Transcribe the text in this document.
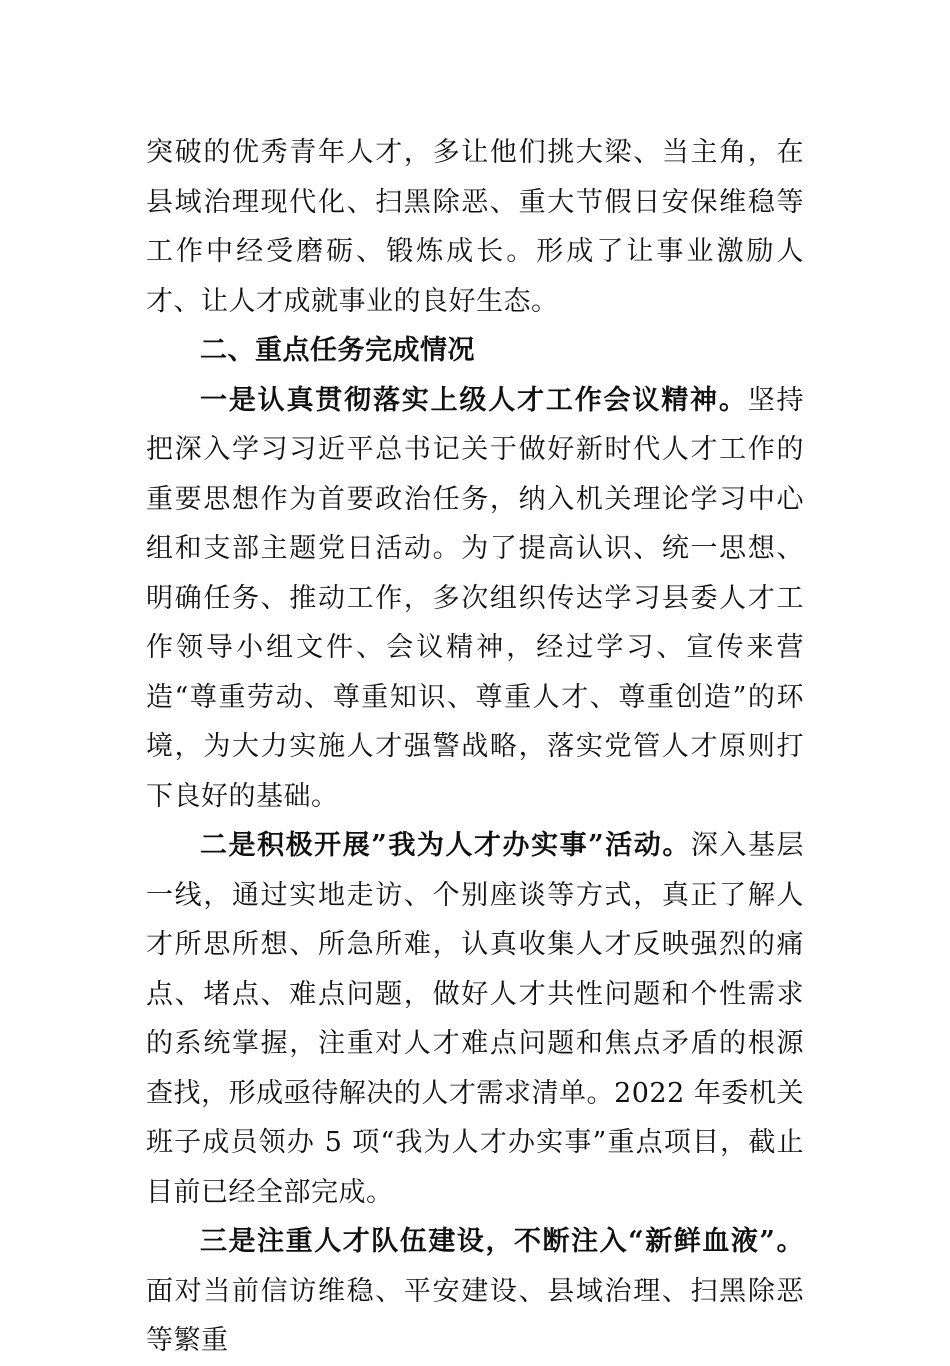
突破的优秀青年人才，多让他们挑大梁、当主角，在县域治理现代化、扫黑除恶、重大节假日安保维稳等工作中经受磨砺、锻炼成长。形成了让事业激励人才、让人才成就事业的良好生态。

二、重点任务完成情况

一是认真贯彻落实上级人才工作会议精神。坚持把深入学习习近平总书记关于做好新时代人才工作的重要思想作为首要政治任务，纳入机关理论学习中心组和支部主题党日活动。为了提高认识、统一思想、明确任务、推动工作，多次组织传达学习县委人才工作领导小组文件、会议精神，经过学习、宣传来营造“尊重劳动、尊重知识、尊重人才、尊重创造”的环境，为大力实施人才强警战略，落实党管人才原则打下良好的基础。

二是积极开展”我为人才办实事”活动。深入基层一线，通过实地走访、个别座谈等方式，真正了解人才所思所想、所急所难，认真收集人才反映强烈的痛点、堵点、难点问题，做好人才共性问题和个性需求的系统掌握，注重对人才难点问题和焦点矛盾的根源查找，形成亟待解决的人才需求清单。2022 年委机关班子成员领办 5 项“我为人才办实事”重点项目，截止目前已经全部完成。

三是注重人才队伍建设，不断注入“新鲜血液”。面对当前信访维稳、平安建设、县域治理、扫黑除恶等繁重
